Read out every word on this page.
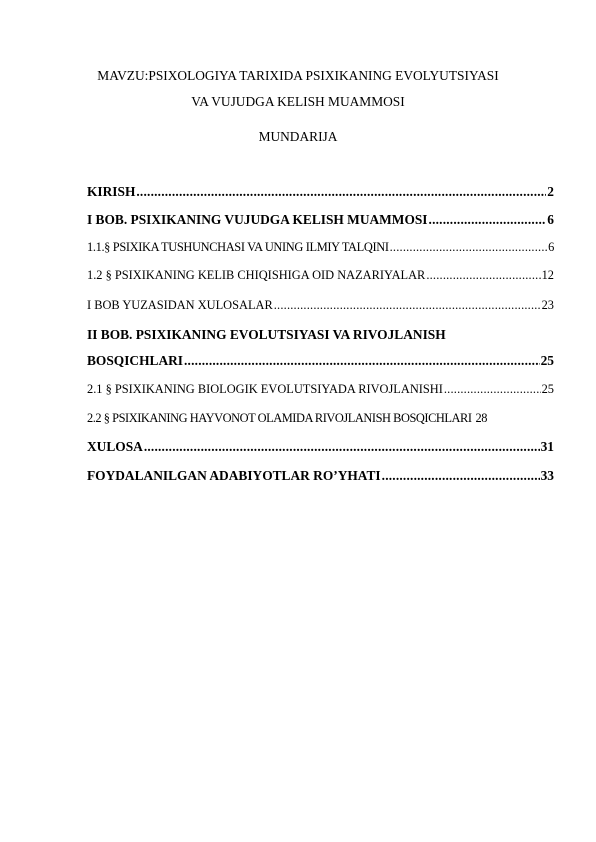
MAVZU:PSIXOLOGIYA TARIXIDA PSIXIKANING EVOLYUTSIYASI
VA VUJUDGA KELISH MUAMMOSI
MUNDARIJA
KIRISH .....	2
I BOB. PSIXIKANING VUJUDGA KELISH MUAMMOSI .....	6
1.1.§ PSIXIKA TUSHUNCHASI VA UNING ILMIY TALQINI .....	6
1.2 § PSIXIKANING KELIB CHIQISHIGA OID NAZARIYALAR .....	12
I BOB YUZASIDAN XULOSALAR .....	23
II BOB. PSIXIKANING EVOLUTSIYASI VA RIVOJLANISH
BOSQICHLARI .....	25
2.1 § PSIXIKANING BIOLOGIK EVOLUTSIYADA RIVOJLANISHI .....	25
2.2 § PSIXIKANING HAYVONOT OLAMIDA RIVOJLANISH BOSQICHLARI 28
XULOSA .....	31
FOYDALANILGAN ADABIYOTLAR RO’YHATI .....	33
